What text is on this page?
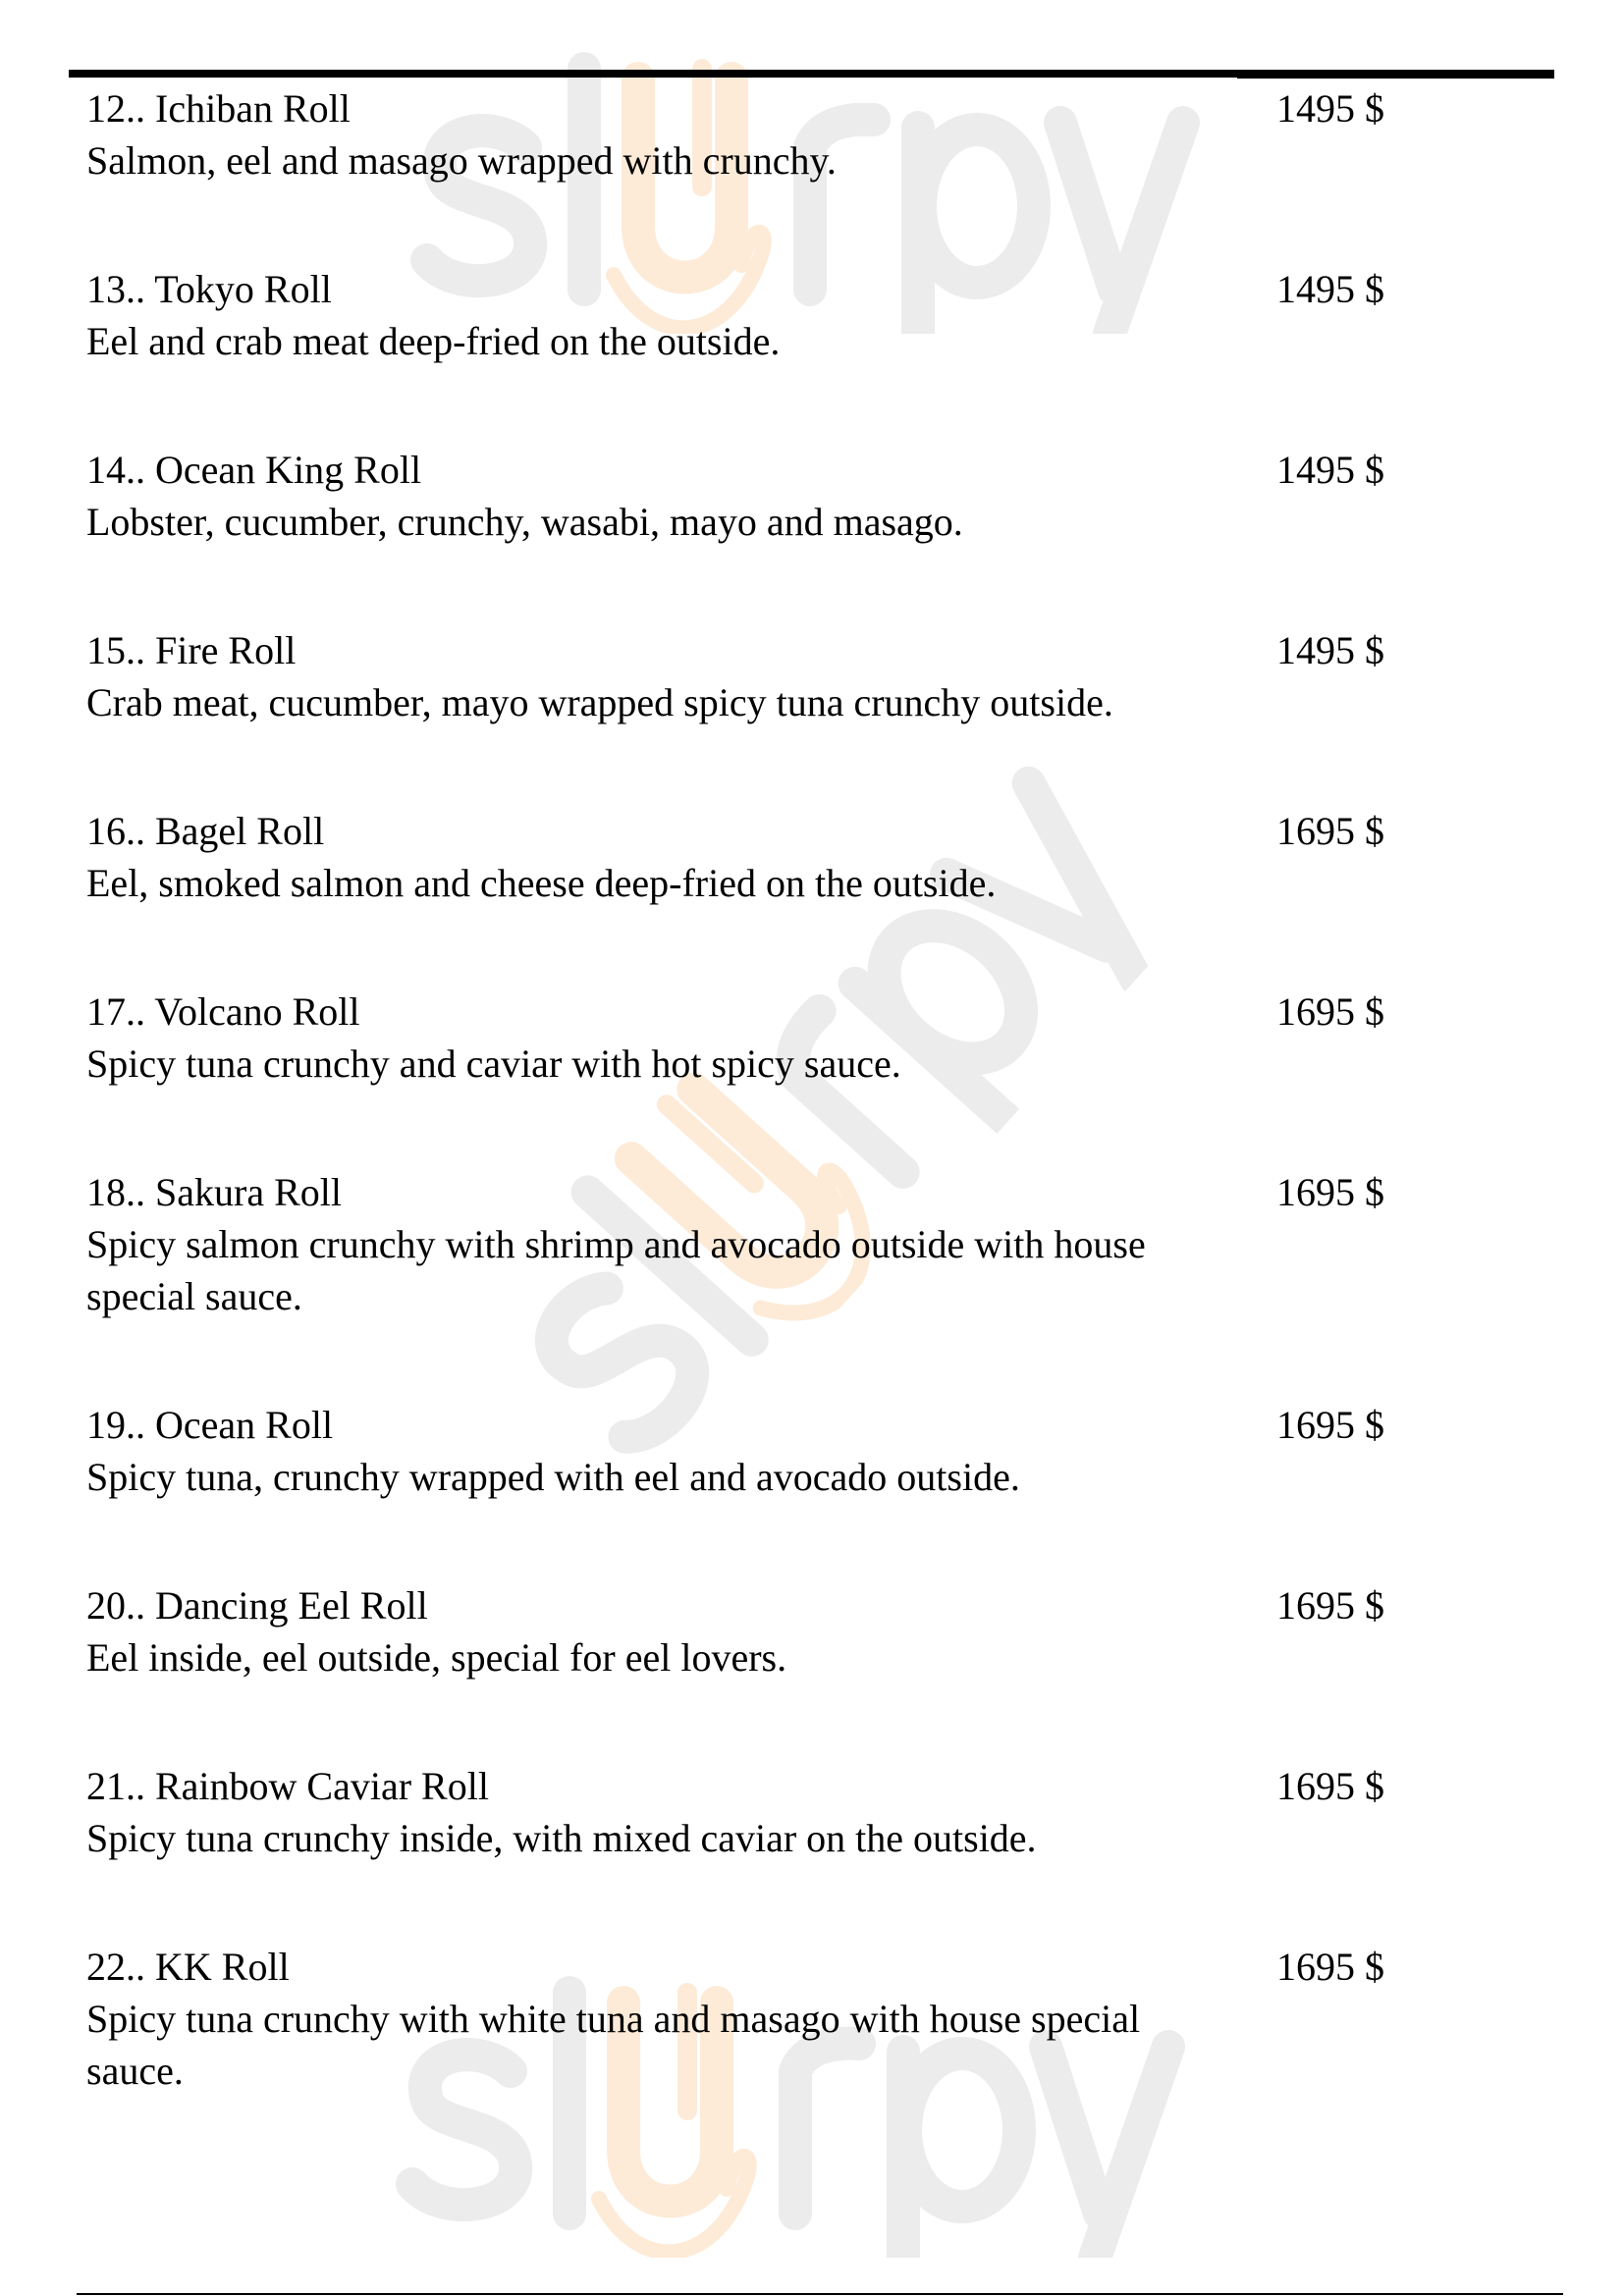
12.. Ichiban Roll	1495 $
Salmon, eel and masago wrapped with crunchy.
13.. Tokyo Roll	1495 $
Eel and crab meat deep-fried on the outside.
14.. Ocean King Roll	1495 $
Lobster, cucumber, crunchy, wasabi, mayo and masago.
15.. Fire Roll	1495 $
Crab meat, cucumber, mayo wrapped spicy tuna crunchy outside.
16.. Bagel Roll	1695 $
Eel, smoked salmon and cheese deep-fried on the outside.
17.. Volcano Roll	1695 $
Spicy tuna crunchy and caviar with hot spicy sauce.
18.. Sakura Roll	1695 $
Spicy salmon crunchy with shrimp and avocado outside with house special sauce.
19.. Ocean Roll	1695 $
Spicy tuna, crunchy wrapped with eel and avocado outside.
20.. Dancing Eel Roll	1695 $
Eel inside, eel outside, special for eel lovers.
21.. Rainbow Caviar Roll	1695 $
Spicy tuna crunchy inside, with mixed caviar on the outside.
22.. KK Roll	1695 $
Spicy tuna crunchy with white tuna and masago with house special sauce.
